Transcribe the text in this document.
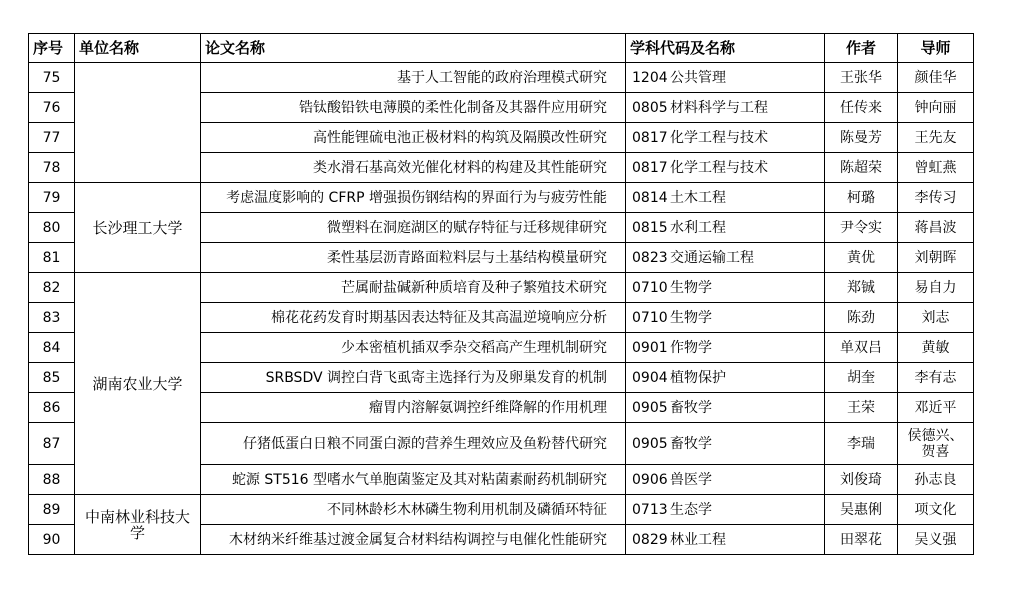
序号	单位名称	论文名称	学科代码及名称	作者	导师
75		基于人工智能的政府治理模式研究	1204 公共管理	王张华	颜佳华
76		锆钛酸铅铁电薄膜的柔性化制备及其器件应用研究	0805 材料科学与工程	任传来	钟向丽
77		高性能锂硫电池正极材料的构筑及隔膜改性研究	0817 化学工程与技术	陈曼芳	王先友
78		类水滑石基高效光催化材料的构建及其性能研究	0817 化学工程与技术	陈超荣	曾虹燕
79	长沙理工大学	考虑温度影响的 CFRP 增强损伤钢结构的界面行为与疲劳性能	0814 土木工程	柯璐	李传习
80		微塑料在洞庭湖区的赋存特征与迁移规律研究	0815 水利工程	尹令实	蒋昌波
81		柔性基层沥青路面粒料层与土基结构模量研究	0823 交通运输工程	黄优	刘朝晖
82	湖南农业大学	芒属耐盐碱新种质培育及种子繁殖技术研究	0710 生物学	郑铖	易自力
83		棉花花药发育时期基因表达特征及其高温逆境响应分析	0710 生物学	陈劲	刘志
84		少本密植机插双季杂交稻高产生理机制研究	0901 作物学	单双吕	黄敏
85		SRBSDV 调控白背飞虱寄主选择行为及卵巢发育的机制	0904 植物保护	胡奎	李有志
86		瘤胃内溶解氨调控纤维降解的作用机理	0905 畜牧学	王荣	邓近平
87		仔猪低蛋白日粮不同蛋白源的营养生理效应及鱼粉替代研究	0905 畜牧学	李瑞	侯德兴、贺喜
88		蛇源 ST516 型嗜水气单胞菌鉴定及其对粘菌素耐药机制研究	0906 兽医学	刘俊琦	孙志良
89	中南林业科技大学	不同林龄杉木林磷生物利用机制及磷循环特征	0713 生态学	吴惠俐	项文化
90		木材纳米纤维基过渡金属复合材料结构调控与电催化性能研究	0829 林业工程	田翠花	吴义强
